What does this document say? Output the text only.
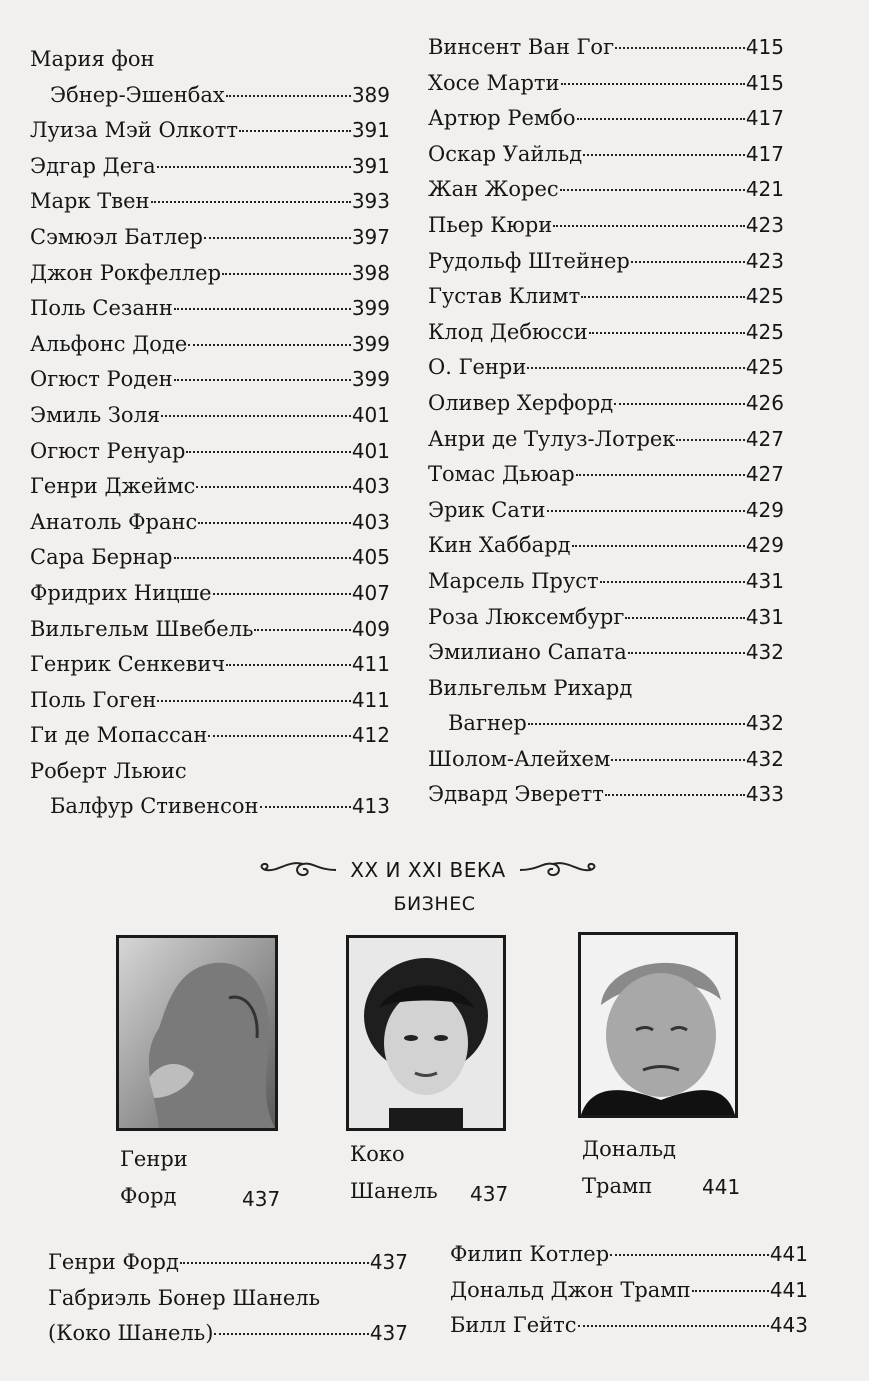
Мария фон
Эбнер-Эшенбах	389
Луиза Мэй Олкотт	391
Эдгар Дега	391
Марк Твен	393
Сэмюэл Батлер	397
Джон Рокфеллер	398
Поль Сезанн	399
Альфонс Доде	399
Огюст Роден	399
Эмиль Золя	401
Огюст Ренуар	401
Генри Джеймс	403
Анатоль Франс	403
Сара Бернар	405
Фридрих Ницше	407
Вильгельм Швебель	409
Генрик Сенкевич	411
Поль Гоген	411
Ги де Мопассан	412
Роберт Льюис
Балфур Стивенсон	413
Винсент Ван Гог	415
Хосе Марти	415
Артюр Рембо	417
Оскар Уайльд	417
Жан Жорес	421
Пьер Кюри	423
Рудольф Штейнер	423
Густав Климт	425
Клод Дебюсси	425
О. Генри	425
Оливер Херфорд	426
Анри де Тулуз-Лотрек	427
Томас Дьюар	427
Эрик Сати	429
Кин Хаббард	429
Марсель Пруст	431
Роза Люксембург	431
Эмилиано Сапата	432
Вильгельм Рихард
Вагнер	432
Шолом-Алейхем	432
Эдвард Эверетт	433
XX И XXI ВЕКА
БИЗНЕС
Генри
Форд	437
Коко
Шанель	437
Дональд
Трамп	441
Генри Форд	437
Габриэль Бонер Шанель
(Коко Шанель)	437
Филип Котлер	441
Дональд Джон Трамп	441
Билл Гейтс	443
